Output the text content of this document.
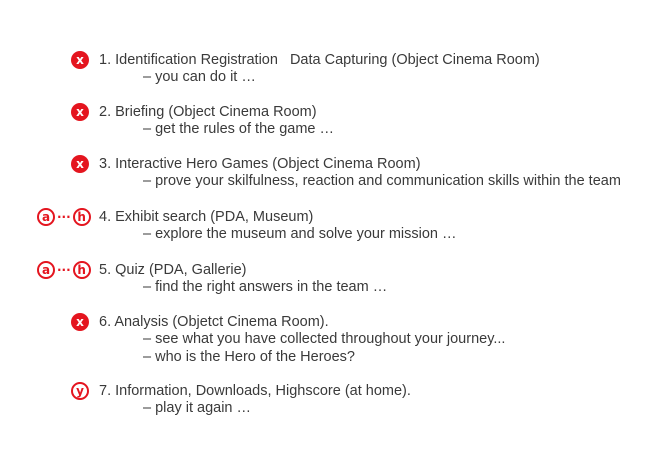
x	1. Identification Registration Data Capturing (Object Cinema Room)
– you can do it …
x	2. Briefing (Object Cinema Room)
– get the rules of the game …
x	3. Interactive Hero Games (Object Cinema Room)
– prove your skilfulness, reaction and communication skills within the team
a ··· h 4. Exhibit search (PDA, Museum)
– explore the museum and solve your mission …
a ··· h 5. Quiz (PDA, Gallerie)
– find the right answers in the team …
x	6. Analysis (Objetct Cinema Room).
– see what you have collected throughout your journey...
– who is the Hero of the Heroes?
y	7. Information, Downloads, Highscore (at home).
– play it again …
